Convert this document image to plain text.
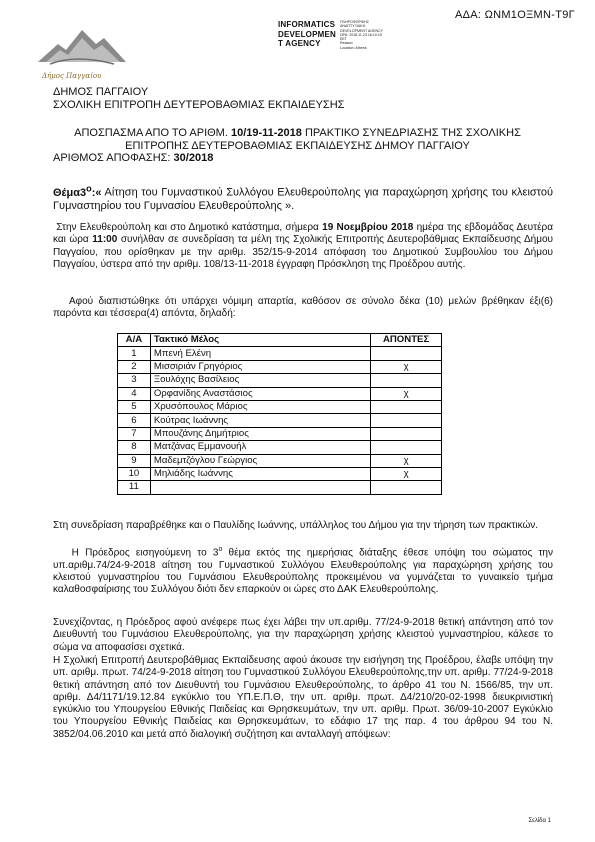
ΑΔΑ: ΩΝΜ1ΟΞΜΝ-Τ9Γ
Δήμος Παγγαίου
INFORMATICS
DEVELOPMEN
T AGENCY
ΠΛΗΡΟΦΟΡΙΚΗΣ
ΑΝΑΠΤΥΞΙΑΚΗ
DEVELOPMENT AGENCY
ΩΡΑ: 2018.11.23 16:10:15
EET
Reason:
Location: Athens
ΔΗΜΟΣ ΠΑΓΓΑΙΟΥ
ΣΧΟΛΙΚΗ ΕΠΙΤΡΟΠΗ ΔΕΥΤΕΡΟΒΑΘΜΙΑΣ ΕΚΠΑΙΔΕΥΣΗΣ
ΑΠΟΣΠΑΣΜΑ ΑΠΟ ΤΟ ΑΡΙΘΜ. 10/19-11-2018 ΠΡΑΚΤΙΚΟ ΣΥΝΕΔΡΙΑΣΗΣ ΤΗΣ ΣΧΟΛΙΚΗΣ
ΕΠΙΤΡΟΠΗΣ ΔΕΥΤΕΡΟΒΑΘΜΙΑΣ ΕΚΠΑΙΔΕΥΣΗΣ ΔΗΜΟΥ ΠΑΓΓΑΙΟΥ
ΑΡΙΘΜΟΣ ΑΠΟΦΑΣΗΣ: 30/2018
$\Theta έ\mu\alpha 3^o:«$ Αίτηση του Γυμναστικού Συλλόγου Ελευθερούπολης για παραχώρηση χρήσης του κλειστού Γυμναστηρίου του Γυμνασίου Ελευθερούπολης ».
Στην Ελευθερούπολη και στο Δημοτικό κατάστημα, σήμερα 19 Νοεμβρίου 2018 ημέρα της εβδομάδας Δευτέρα και ώρα 11:00 συνήλθαν σε συνεδρίαση τα μέλη της Σχολικής Επιτροπής Δευτεροβάθμιας Εκπαίδευσης Δήμου Παγγαίου, που ορίσθηκαν με την αριθμ. 352/15-9-2014 απόφαση του Δημοτικού Συμβουλίου του Δήμου Παγγαίου, ύστερα από την αριθμ. 108/13-11-2018 έγγραφη Πρόσκληση της Προέδρου αυτής.
Αφού διαπιστώθηκε ότι υπάρχει νόμιμη απαρτία, καθόσον σε σύνολο δέκα (10) μελών βρέθηκαν έξι(6) παρόντα και τέσσερα(4) απόντα, δηλαδή:
Α/Α	Τακτικό Μέλος	ΑΠΟΝΤΕΣ
1	Μπενή Ελένη	
2	Μισσιριάν Γρηγόριος	χ
3	Ξουλόχης Βασίλειος	
4	Ορφανίδης Αναστάσιος	χ
5	Χρυσόπουλος Μάριος	
6	Κούτρας Ιωάννης	
7	Μπουζάνης Δημήτριος	
8	Ματζάνας Εμμανουήλ	
9	Μαδεμτζόγλου Γεώργιος	χ
10	Μηλιάδης Ιωάννης	χ
11		
Στη συνεδρίαση παραβρέθηκε και ο Παυλίδης Ιωάννης, υπάλληλος του Δήμου για την τήρηση των πρακτικών.
Η Πρόεδρος εισηγούμενη το $3^o$ θέμα εκτός της ημερήσιας διάταξης έθεσε υπόψη του σώματος την υπ.αριθμ.74/24-9-2018 αίτηση του Γυμναστικού Συλλόγου Ελευθερούπολης για παραχώρηση χρήσης του κλειστού γυμναστηρίου του Γυμνάσιου Ελευθερούπολης προκειμένου να γυμνάζεται το γυναικείο τμήμα καλαθοσφαίρισης του Συλλόγου διότι δεν επαρκούν οι ώρες στο ΔΑΚ Ελευθερούπολης.
Συνεχίζοντας, η Πρόεδρος αφού ανέφερε πως έχει λάβει την υπ.αριθμ. 77/24-9-2018 θετική απάντηση από τον Διευθυντή του Γυμνάσιου Ελευθερούπολης, για την παραχώρηση χρήσης κλειστού γυμναστηρίου, κάλεσε το σώμα να αποφασίσει σχετικά.
Η Σχολική Επιτροπή Δευτεροβάθμιας Εκπαίδευσης αφού άκουσε την εισήγηση της Προέδρου, έλαβε υπόψη την υπ. αριθμ. πρωτ. 74/24-9-2018 αίτηση του Γυμναστικού Συλλόγου Ελευθερούπολης,την υπ. αριθμ. 77/24-9-2018 θετική απάντηση από τον Διευθυντή του Γυμνάσιου Ελευθερούπολης, το άρθρο 41 του Ν. 1566/85, την υπ. αριθμ. Δ4/1171/19.12.84 εγκύκλιο του ΥΠ.Ε.Π.Θ, την υπ. αριθμ. πρωτ. Δ4/210/20-02-1998 διευκρινιστική εγκύκλιο του Υπουργείου Εθνικής Παιδείας και Θρησκευμάτων, την υπ. αριθμ. Πρωτ. 36/09-10-2007 Εγκύκλιο του Υπουργείου Εθνικής Παιδείας και Θρησκευμάτων, το εδάφιο 17 της παρ. 4 του άρθρου 94 του Ν. 3852/04.06.2010 και μετά από διαλογική συζήτηση και ανταλλαγή απόψεων:
Σελίδα 1
